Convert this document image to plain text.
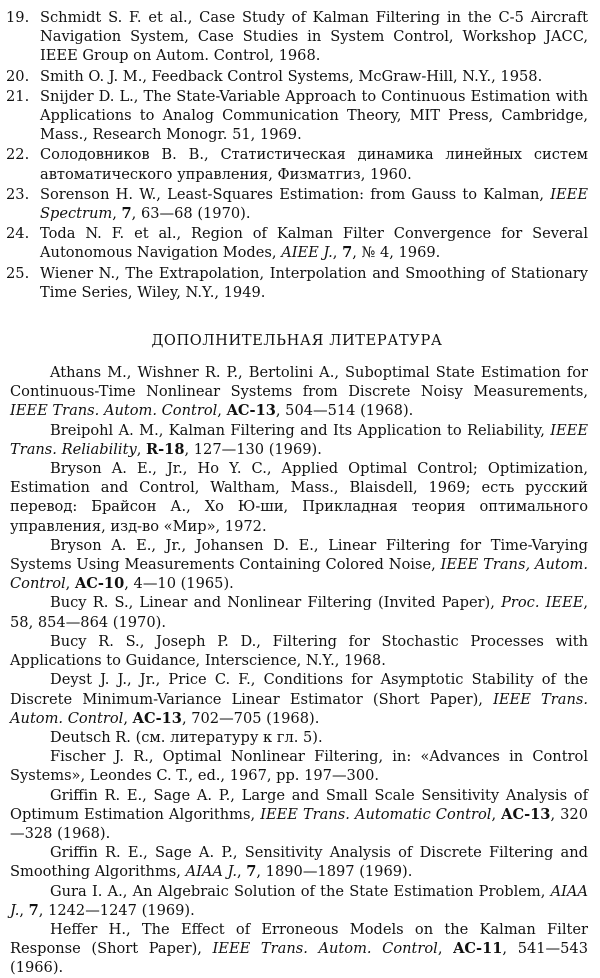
19. Schmidt S. F. et al., Case Study of Kalman Filtering in the C-5 Aircraft Navigation System, Case Studies in System Control, Workshop JACC, IEEE Group on Autom. Control, 1968.
20. Smith O. J. M., Feedback Control Systems, McGraw-Hill, N.Y., 1958.
21. Snijder D. L., The State-Variable Approach to Continuous Estimation with Applications to Analog Communication Theory, MIT Press, Cambridge, Mass., Research Monogr. 51, 1969.
22. Солодовников В. В., Статистическая динамика линейных систем автоматического управления, Физматгиз, 1960.
23. Sorenson H. W., Least-Squares Estimation: from Gauss to Kalman, IEEE Spectrum, 7, 63—68 (1970).
24. Toda N. F. et al., Region of Kalman Filter Convergence for Several Autonomous Navigation Modes, AIEE J., 7, № 4, 1969.
25. Wiener N., The Extrapolation, Interpolation and Smoothing of Stationary Time Series, Wiley, N.Y., 1949.
ДОПОЛНИТЕЛЬНАЯ ЛИТЕРАТУРА

Athans M., Wishner R. P., Bertolini A., Suboptimal State Estimation for Continuous-Time Nonlinear Systems from Discrete Noisy Measurements, IEEE Trans. Autom. Control, AC-13, 504—514 (1968).

Breipohl A. M., Kalman Filtering and Its Application to Reliability, IEEE Trans. Reliability, R-18, 127—130 (1969).

Bryson A. E., Jr., Ho Y. C., Applied Optimal Control; Optimization, Estimation and Control, Waltham, Mass., Blaisdell, 1969; есть русский перевод: Брайсон А., Хо Ю-ши, Прикладная теория оптимального управления, изд-во «Мир», 1972.

Bryson A. E., Jr., Johansen D. E., Linear Filtering for Time-Varying Systems Using Measurements Containing Colored Noise, IEEE Trans, Autom. Control, AC-10, 4—10 (1965).

Bucy R. S., Linear and Nonlinear Filtering (Invited Paper), Proc. IEEE, 58, 854—864 (1970).

Bucy R. S., Joseph P. D., Filtering for Stochastic Processes with Applications to Guidance, Interscience, N.Y., 1968.

Deyst J. J., Jr., Price C. F., Conditions for Asymptotic Stability of the Discrete Minimum-Variance Linear Estimator (Short Paper), IEEE Trans. Autom. Control, AC-13, 702—705 (1968).

Deutsch R. (см. литературу к гл. 5).

Fischer J. R., Optimal Nonlinear Filtering, in: «Advances in Control Systems», Leondes C. T., ed., 1967, pp. 197—300.

Griffin R. E., Sage A. P., Large and Small Scale Sensitivity Analysis of Optimum Estimation Algorithms, IEEE Trans. Automatic Control, AC-13, 320—328 (1968).

Griffin R. E., Sage A. P., Sensitivity Analysis of Discrete Filtering and Smoothing Algorithms, AIAA J., 7, 1890—1897 (1969).

Gura I. A., An Algebraic Solution of the State Estimation Problem, AIAA J., 7, 1242—1247 (1969).

Heffer H., The Effect of Erroneous Models on the Kalman Filter Response (Short Paper), IEEE Trans. Autom. Control, AC-11, 541—543 (1966).
